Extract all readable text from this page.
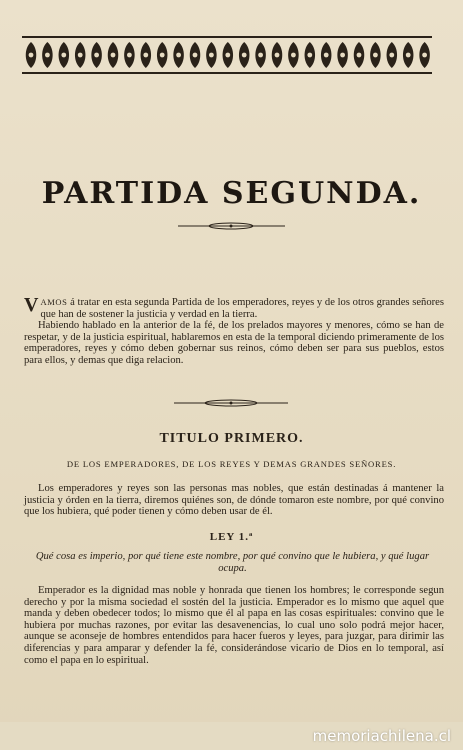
PARTIDA SEGUNDA.

V AMOS á tratar en esta segunda Partida de los emperadores, reyes y de los otros grandes señores que han de sostener la justicia y verdad en la tierra.

Habiendo hablado en la anterior de la fé, de los prelados mayores y menores, cómo se han de respetar, y de la justicia espiritual, hablaremos en esta de la temporal diciendo primeramente de los emperadores, reyes y cómo deben gobernar sus reinos, cómo deben ser para sus pueblos, estos para ellos, y demas que diga relacion.

TITULO PRIMERO.
DE LOS EMPERADORES, DE LOS REYES Y DEMAS GRANDES SEÑORES.

Los emperadores y reyes son las personas mas nobles, que están destinadas á mantener la justicia y órden en la tierra, diremos quiénes son, de dónde tomaron este nombre, por qué convino que los hubiera, qué poder tienen y cómo deben usar de él.

LEY 1.ª
Qué cosa es imperio, por qué tiene este nombre, por qué convino que le hubiera, y qué lugar ocupa.

Emperador es la dignidad mas noble y honrada que tienen los hombres; le corresponde segun derecho y por la misma sociedad el sostén del la justicia. Emperador es lo mismo que aquel que manda y deben obedecer todos; lo mismo que él al papa en las cosas espirituales: convino que le hubiera por muchas razones, por evitar las desavenencias, lo cual uno solo podrá mejor hacer, aunque se aconseje de hombres entendidos para hacer fueros y leyes, para juzgar, para dirimir las diferencias y para amparar y defender la fé, considerándose vicario de Dios en lo temporal, así como el papa en lo espiritual.

memoriachilena.cl
